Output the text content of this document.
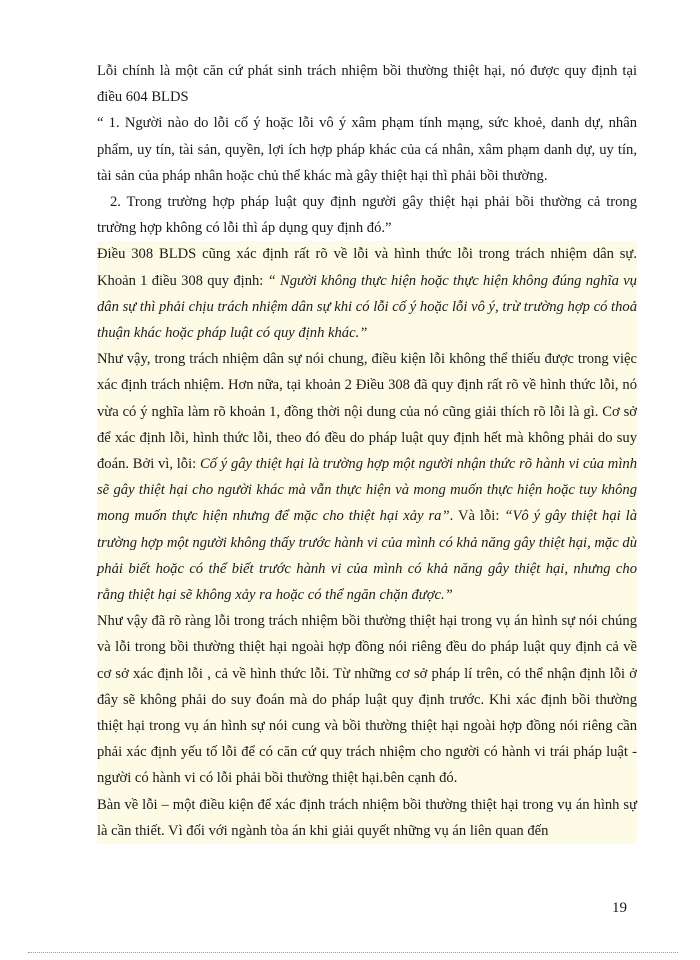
Lỗi chính là một căn cứ phát sinh trách nhiệm bồi thường thiệt hại, nó được quy định tại điều 604 BLDS

“ 1. Người nào do lỗi cố ý hoặc lỗi vô ý xâm phạm tính mạng, sức khoẻ, danh dự, nhân phẩm, uy tín, tài sản, quyền, lợi ích hợp pháp khác của cá nhân, xâm phạm danh dự, uy tín, tài sản của pháp nhân hoặc chủ thể khác mà gây thiệt hại thì phải bồi thường.

2. Trong trường hợp pháp luật quy định người gây thiệt hại phải bồi thường cả trong trường hợp không có lỗi thì áp dụng quy định đó.”

Điều 308 BLDS cũng xác định rất rõ về lỗi và hình thức lỗi trong trách nhiệm dân sự. Khoản 1 điều 308 quy định: “ Người không thực hiện hoặc thực hiện không đúng nghĩa vụ dân sự thì phải chịu trách nhiệm dân sự khi có lỗi cố ý hoặc lỗi vô ý, trừ trường hợp có thoả thuận khác hoặc pháp luật có quy định khác.”

Như vậy, trong trách nhiệm dân sự nói chung, điều kiện lỗi không thể thiếu được trong việc xác định trách nhiệm. Hơn nữa, tại khoản 2 Điều 308 đã quy định rất rõ về hình thức lỗi, nó vừa có ý nghĩa làm rõ khoản 1, đồng thời nội dung của nó cũng giải thích rõ lỗi là gì. Cơ sở để xác định lỗi, hình thức lỗi, theo đó đều do pháp luật quy định hết mà không phải do suy đoán. Bởi vì, lỗi: Cố ý gây thiệt hại là trường hợp một người nhận thức rõ hành vi của mình sẽ gây thiệt hại cho người khác mà vẫn thực hiện và mong muốn thực hiện hoặc tuy không mong muốn thực hiện nhưng để mặc cho thiệt hại xảy ra”. Và lỗi: “Vô ý gây thiệt hại là trường hợp một người không thấy trước hành vi của mình có khả năng gây thiệt hại, mặc dù phải biết hoặc có thể biết trước hành vi của mình có khả năng gây thiệt hại, nhưng cho rằng thiệt hại sẽ không xảy ra hoặc có thể ngăn chặn được.”

Như vậy đã rõ ràng lỗi trong trách nhiệm bồi thường thiệt hại trong vụ án hình sự nói chúng và lỗi trong bồi thường thiệt hại ngoài hợp đồng nói riêng đều do pháp luật quy định cả về cơ sở xác định lỗi , cả về hình thức lỗi. Từ những cơ sở pháp lí trên, có thể nhận định lỗi ở đây sẽ không phải do suy đoán mà do pháp luật quy định trước. Khi xác định bồi thường thiệt hại trong vụ án hình sự nói cung và bồi thường thiệt hại ngoài hợp đồng nói riêng cần phải xác định yếu tố lỗi để có căn cứ quy trách nhiệm cho người có hành vi trái pháp luật - người có hành vi có lỗi phải bồi thường thiệt hại.bên cạnh đó.

Bàn về lỗi – một điều kiện để xác định trách nhiệm bồi thường thiệt hại trong vụ án hình sự là cần thiết. Vì đối với ngành tòa án khi giải quyết những vụ án liên quan đến

19
